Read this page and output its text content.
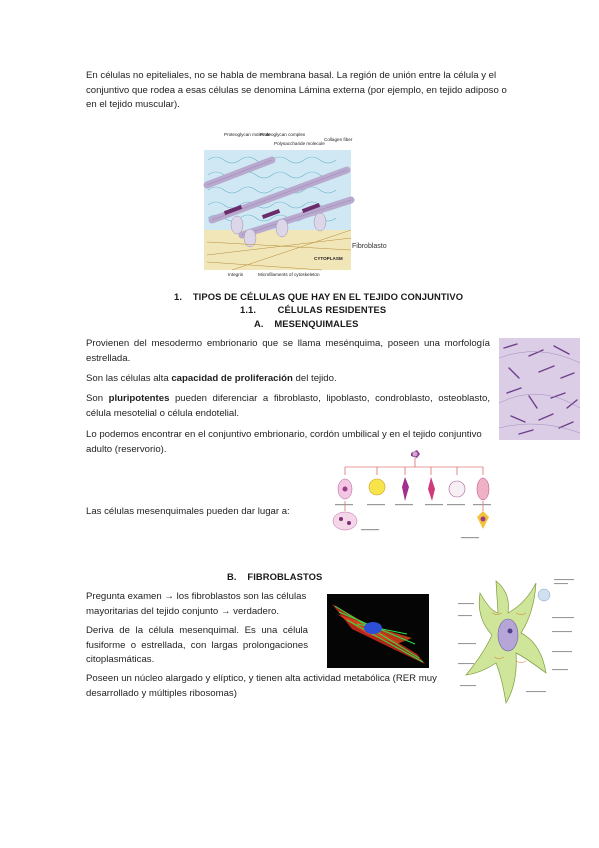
En células no epiteliales, no se habla de membrana basal. La región de unión entre la célula y el conjuntivo que rodea a esas células se denomina Lámina externa (por ejemplo, en tejido adiposo o en el tejido muscular).
Proteoglycan molecule
Proteoglycan complex
Polysaccharide molecule
Collagen fiber
Fibroblasto
CYTOPLASM
Integrin	Microfilaments of cytoskeleton
1.    TIPOS DE CÉLULAS QUE HAY EN EL TEJIDO CONJUNTIVO
1.1.        CÉLULAS RESIDENTES
A.    MESENQUIMALES
Provienen del mesodermo embrionario que se llama mesénquima, poseen una morfología estrellada.
Son las células alta capacidad de proliferación del tejido.
Son pluripotentes pueden diferenciar a fibroblasto, lipoblasto, condroblasto, osteoblasto, célula mesotelial o célula endotelial.
Lo podemos encontrar en el conjuntivo embrionario, cordón umbilical y en el tejido conjuntivo adulto (reservorio).
Las células mesenquimales pueden dar lugar a:
B.    FIBROBLASTOS
Pregunta examen → los fibroblastos son las células mayoritarias del tejido conjunto → verdadero.
Deriva de la célula mesenquimal. Es una célula fusiforme o estrellada, con largas prolongaciones citoplasmáticas.
Poseen un núcleo alargado y elíptico, y tienen alta actividad metabólica (RER muy desarrollado y múltiples ribosomas)
